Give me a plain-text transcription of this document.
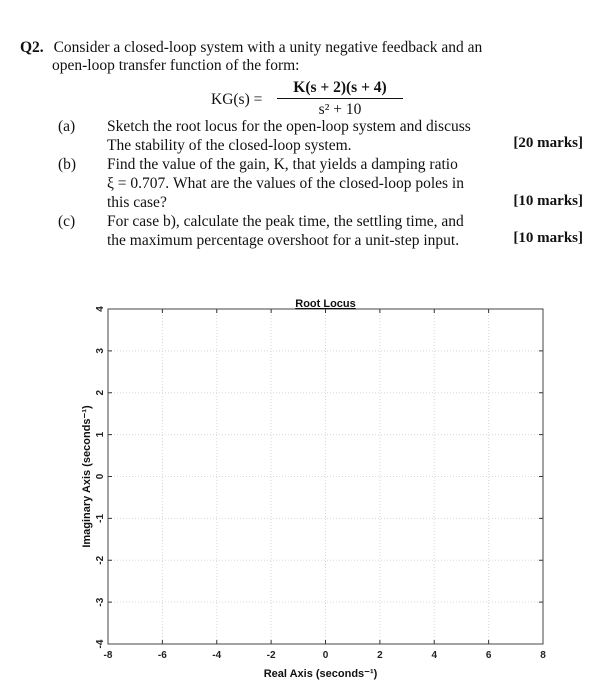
Q2. Consider a closed-loop system with a unity negative feedback and an
open-loop transfer function of the form:
KG(s) =
K(s + 2)(s + 4)
s² + 10
(a) Sketch the root locus for the open-loop system and discuss
The stability of the closed-loop system.	[20 marks]
(b) Find the value of the gain, K, that yields a damping ratio
ξ = 0.707. What are the values of the closed-loop poles in
this case?	[10 marks]
(c) For case b), calculate the peak time, the settling time, and
the maximum percentage overshoot for a unit-step input.	[10 marks]
-8	-6	-4	-2	0	2	4	6	8
4
3
2
1
0
-1
-2
-3
-4
Root Locus
Real Axis (seconds⁻¹)
Imaginary Axis (seconds⁻¹)
